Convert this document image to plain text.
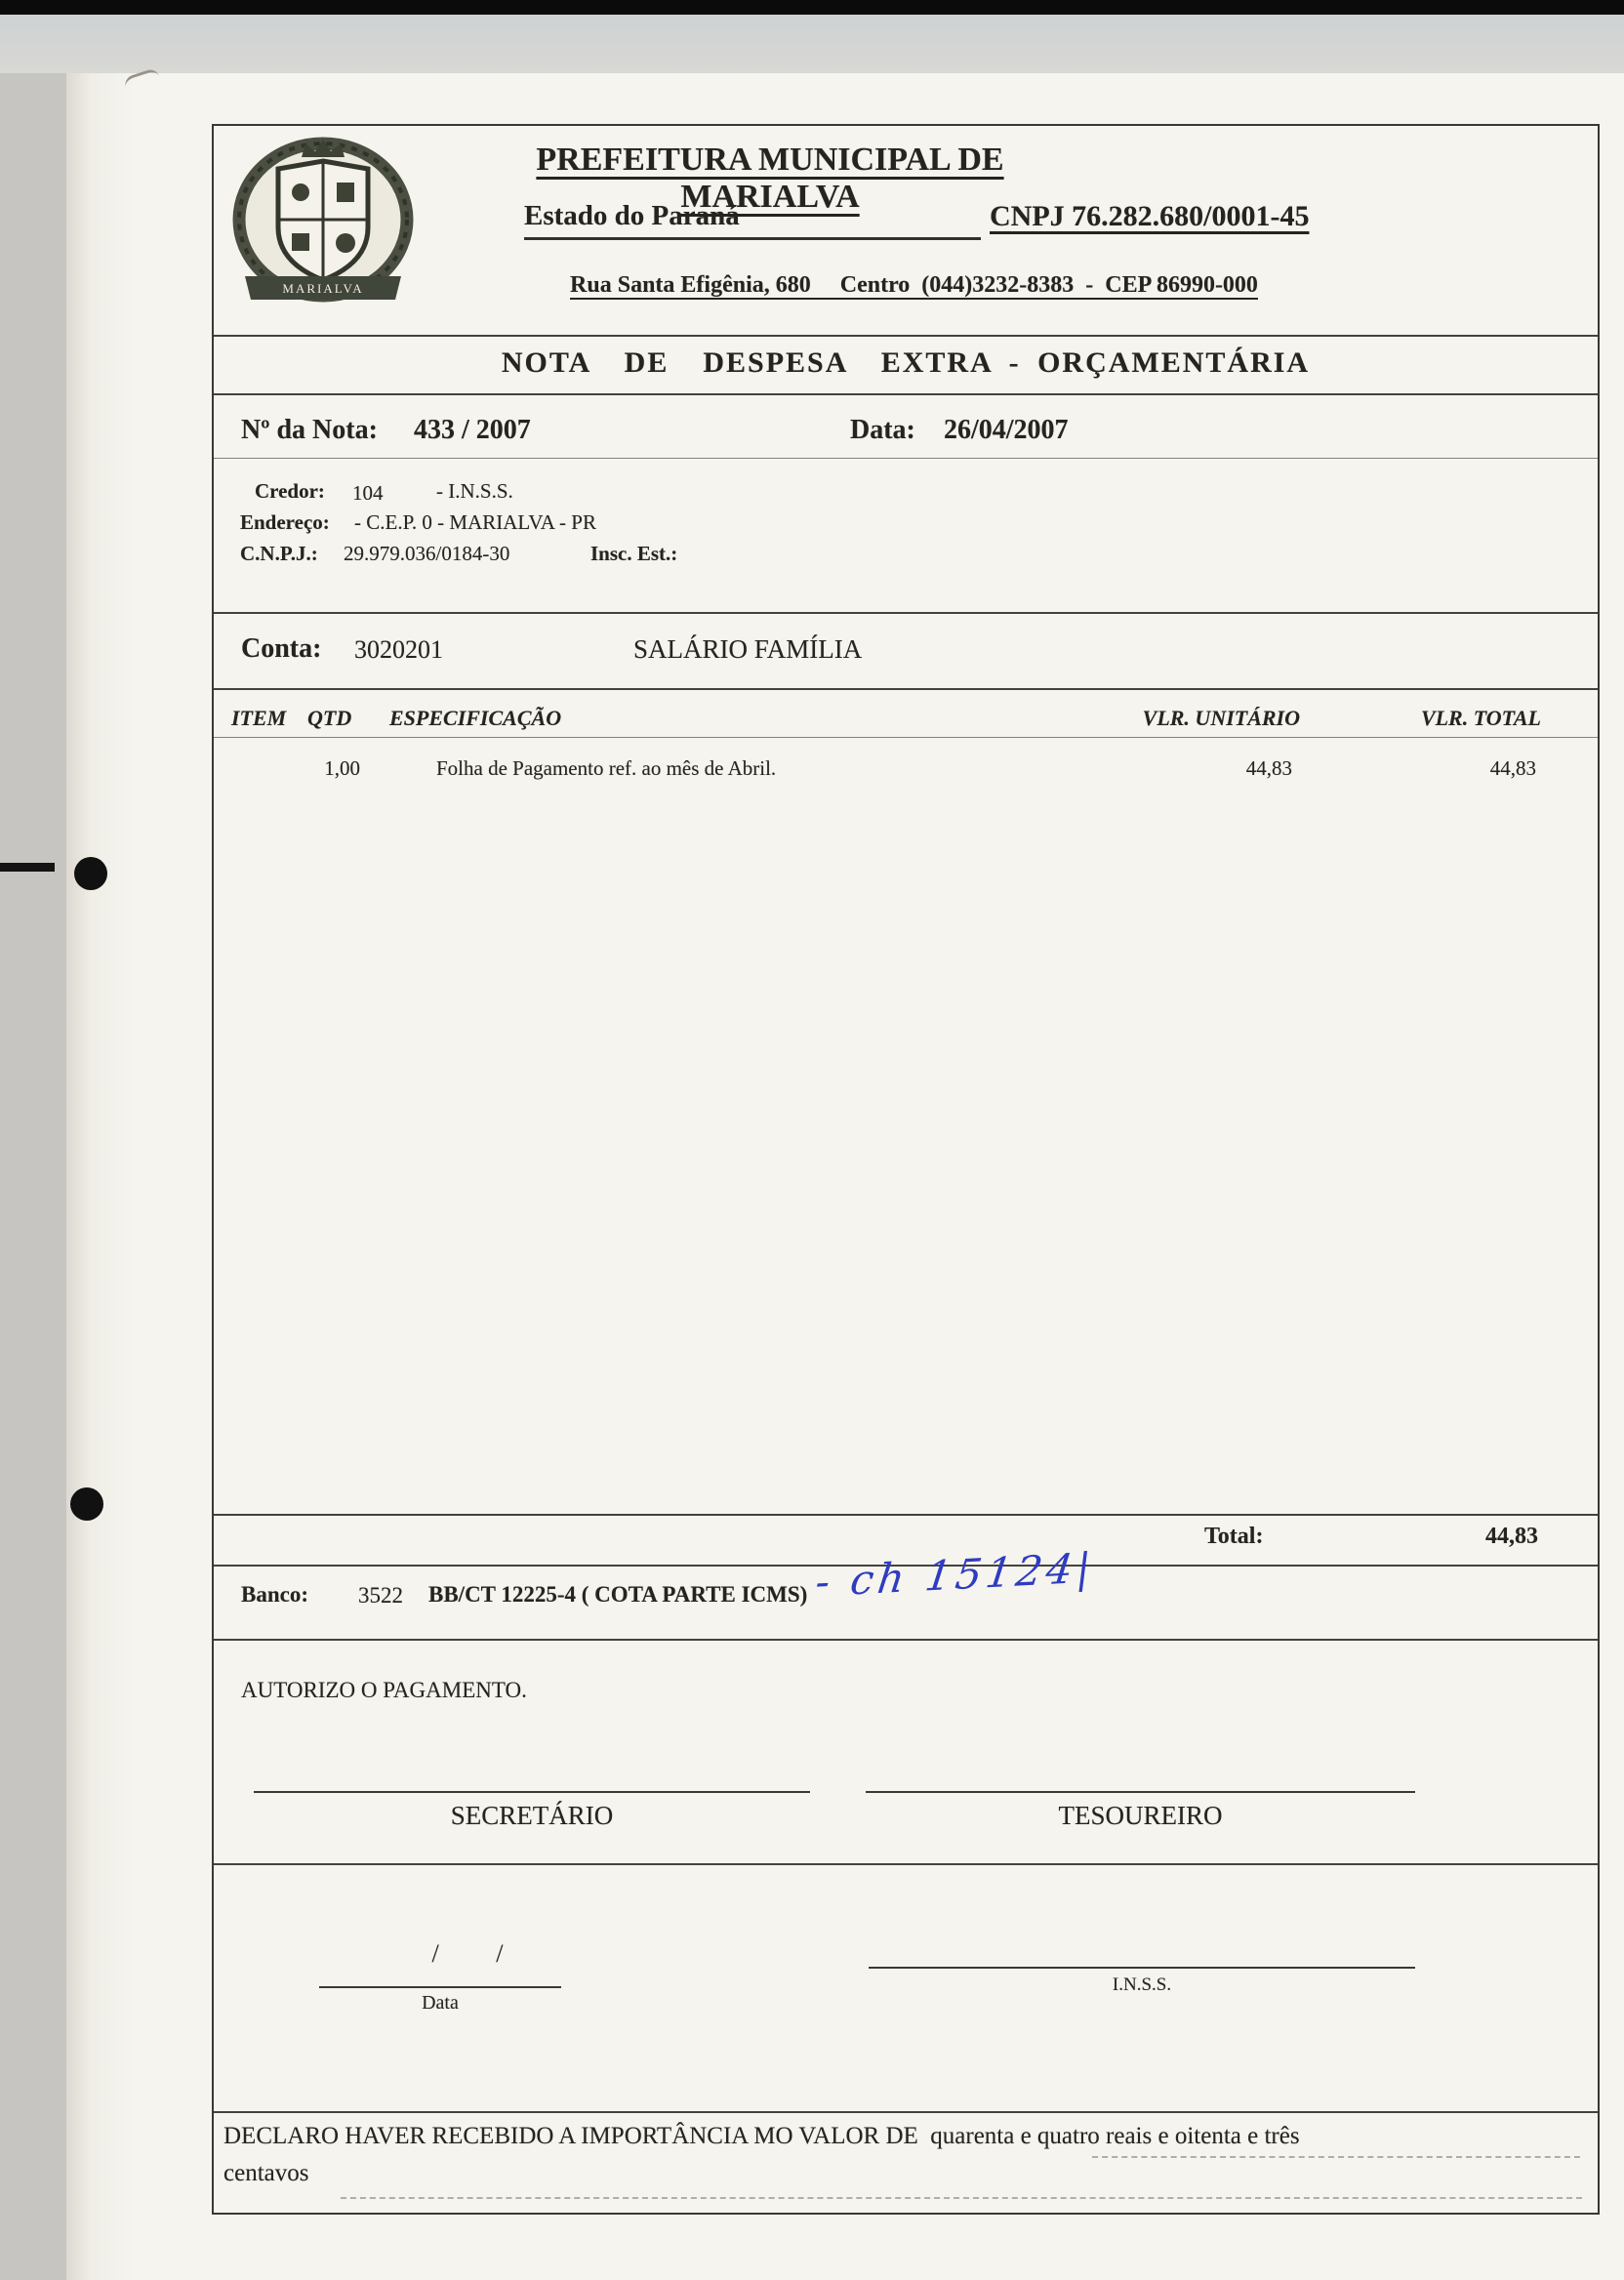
MARIALVA
PREFEITURA MUNICIPAL DE MARIALVA
Estado do Paraná	CNPJ 76.282.680/0001-45
Rua Santa Efigênia, 680     Centro  (044)3232-8383  -  CEP 86990-000
NOTA  DE  DESPESA  EXTRA - ORÇAMENTÁRIA
Nº da Nota: 433 / 2007	Data: 26/04/2007
Credor: 104	- I.N.S.S.
Endereço: - C.E.P. 0 - MARIALVA - PR
C.N.P.J.: 29.979.036/0184-30	Insc. Est.:
Conta: 3020201	SALÁRIO FAMÍLIA
ITEM QTD ESPECIFICAÇÃO	VLR. UNITÁRIO	VLR. TOTAL
1,00	Folha de Pagamento ref. ao mês de Abril.	44,83	44,83
Total:	44,83
Banco: 3522 BB/CT 12225-4 ( COTA PARTE ICMS) - ch 15124|
AUTORIZO O PAGAMENTO.
SECRETÁRIO	TESOUREIRO
/         /
Data
I.N.S.S.
DECLARO HAVER RECEBIDO A IMPORTÂNCIA MO VALOR DE  quarenta e quatro reais e oitenta e três
centavos
